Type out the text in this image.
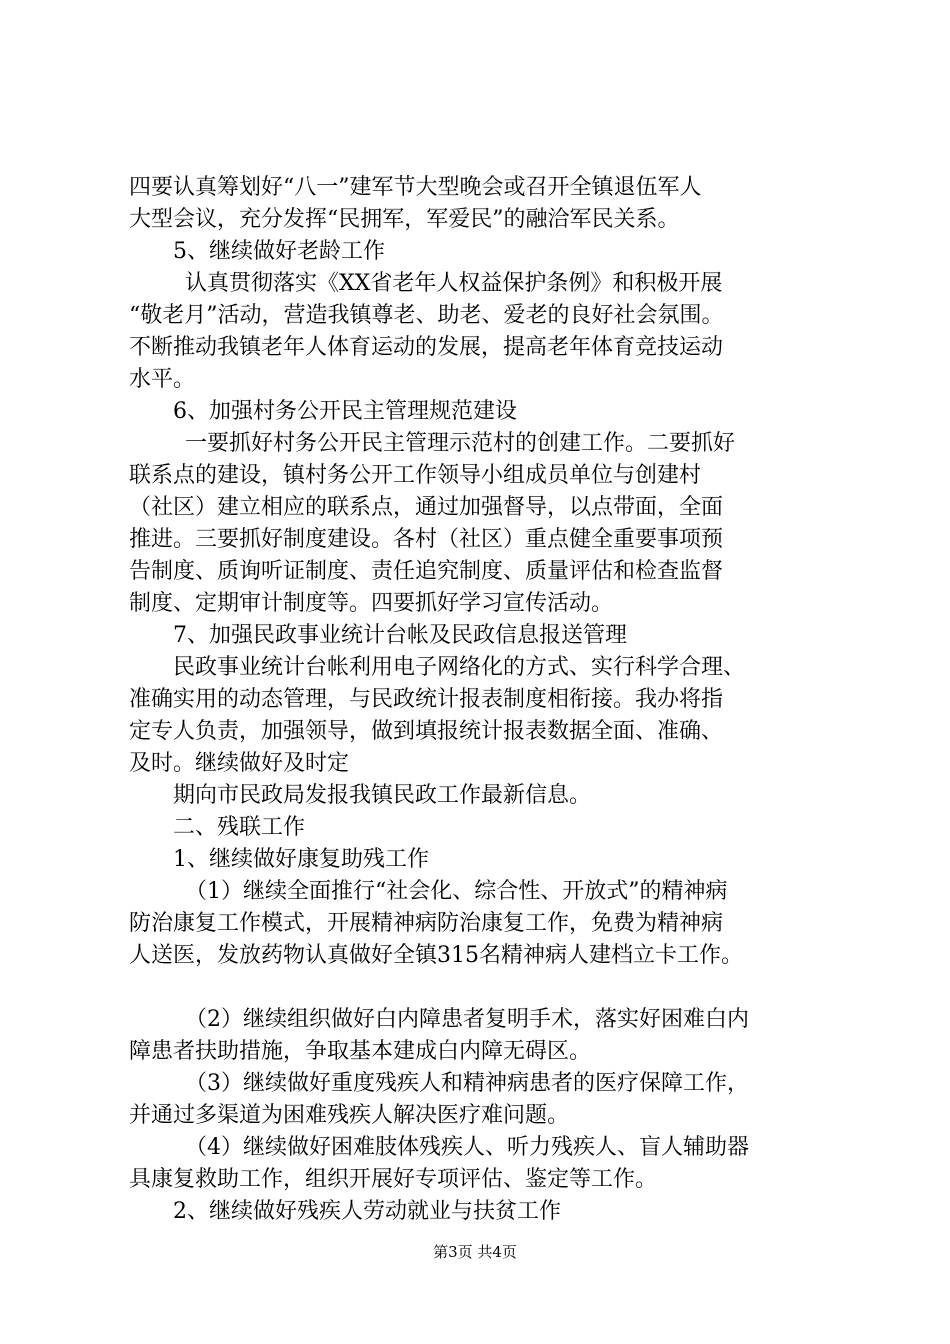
四要认真筹划好“八一”建军节大型晚会或召开全镇退伍军人
大型会议，充分发挥“民拥军，军爱民”的融洽军民关系。
5、继续做好老龄工作
认真贯彻落实《XX省老年人权益保护条例》和积极开展
“敬老月”活动，营造我镇尊老、助老、爱老的良好社会氛围。
不断推动我镇老年人体育运动的发展，提高老年体育竞技运动
水平。
6、加强村务公开民主管理规范建设
一要抓好村务公开民主管理示范村的创建工作。二要抓好
联系点的建设，镇村务公开工作领导小组成员单位与创建村
（社区）建立相应的联系点，通过加强督导，以点带面，全面
推进。三要抓好制度建设。各村（社区）重点健全重要事项预
告制度、质询听证制度、责任追究制度、质量评估和检查监督
制度、定期审计制度等。四要抓好学习宣传活动。
7、加强民政事业统计台帐及民政信息报送管理
民政事业统计台帐利用电子网络化的方式、实行科学合理、
准确实用的动态管理，与民政统计报表制度相衔接。我办将指
定专人负责，加强领导，做到填报统计报表数据全面、准确、
及时。继续做好及时定
期向市民政局发报我镇民政工作最新信息。
二、残联工作
1、继续做好康复助残工作
（1）继续全面推行“社会化、综合性、开放式”的精神病
防治康复工作模式，开展精神病防治康复工作，免费为精神病
人送医，发放药物认真做好全镇315名精神病人建档立卡工作。
（2）继续组织做好白内障患者复明手术，落实好困难白内
障患者扶助措施，争取基本建成白内障无碍区。
（3）继续做好重度残疾人和精神病患者的医疗保障工作，
并通过多渠道为困难残疾人解决医疗难问题。
（4）继续做好困难肢体残疾人、听力残疾人、盲人辅助器
具康复救助工作，组织开展好专项评估、鉴定等工作。
2、继续做好残疾人劳动就业与扶贫工作
第3页 共4页
